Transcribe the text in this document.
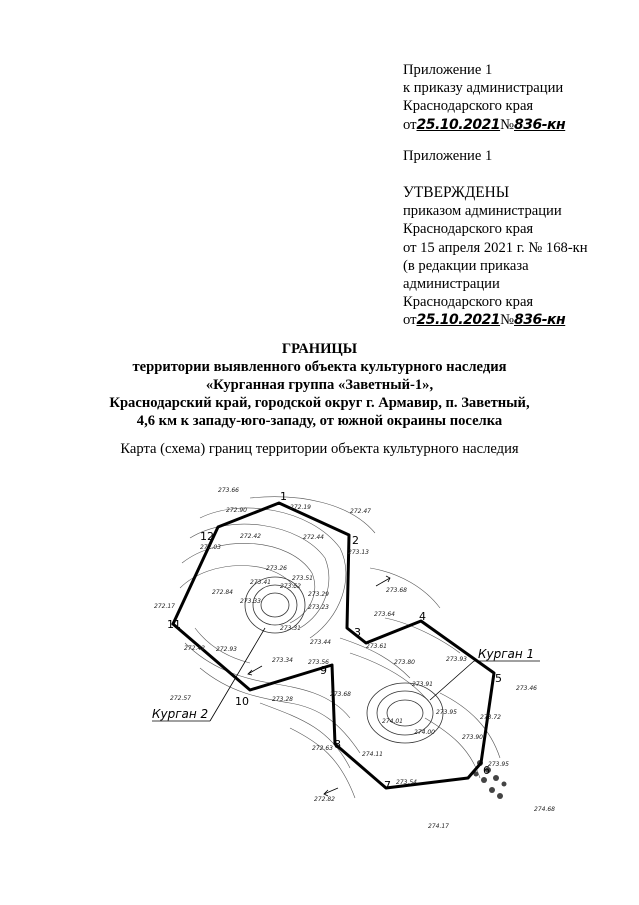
Приложение 1
к приказу администрации
Краснодарского края
от25.10.2021№836-кн
Приложение 1
УТВЕРЖДЕНЫ
приказом администрации
Краснодарского края
от 15 апреля 2021 г. № 168-кн
(в редакции приказа
администрации
Краснодарского края
от25.10.2021№836-кн
ГРАНИЦЫ
территории выявленного объекта культурного наследия
«Курганная группа «Заветный-1»,
Краснодарский край, городской округ г. Армавир, п. Заветный,
4,6 км к западу-юго-западу, от южной окраины поселка
Карта (схема) границ территории объекта культурного наследия
1
2
3
4
5
6
7
8
9
10
11
12
Курган 1
Курган 2
273.66
272.90	272.19
272.47
272.42	272.44
272.03
273.13
273.26
273.41
273.51
273.52
273.68
273.29
272.84
273.33
273.23
272.17
273.64
273.31
273.44
273.61
272.42 272.93
273.34	273.56	273.80	273.93
273.91
273.46
272.57	273.28
273.68
273.95
273.72
273.90
274.01
274.00
272.63
274.11
273.95
273.54
272.82
274.68
274.17
